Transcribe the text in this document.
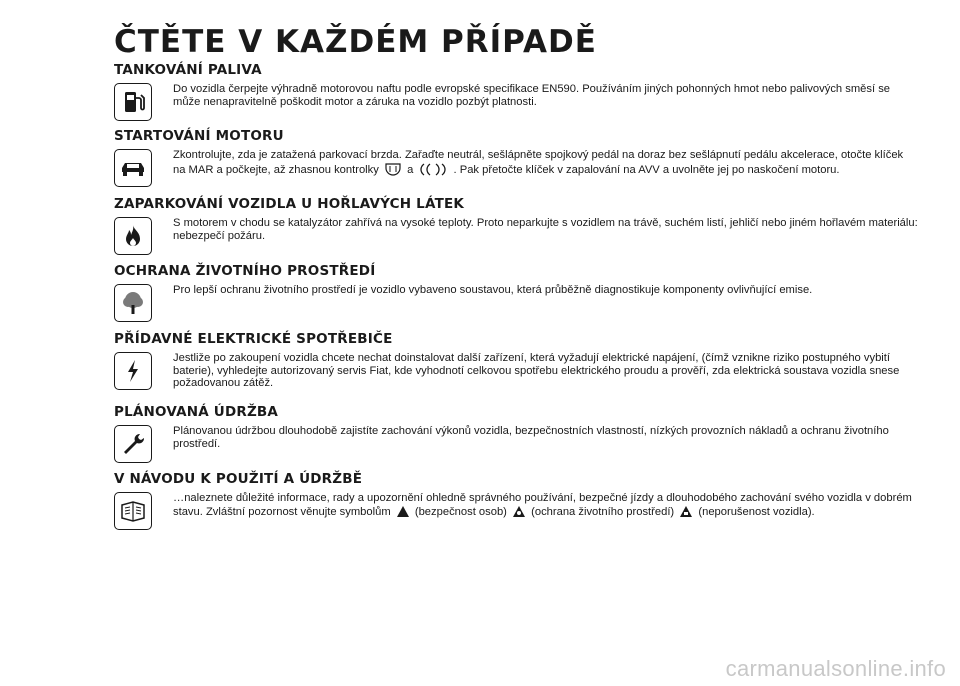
ČTĚTE V KAŽDÉM PŘÍPADĚ
TANKOVÁNÍ PALIVA

Do vozidla čerpejte výhradně motorovou naftu podle evropské specifikace EN590. Používáním jiných pohonných hmot nebo palivových směsí se může nenapravitelně poškodit motor a záruka na vozidlo pozbýt platnosti.

STARTOVÁNÍ MOTORU

Zkontrolujte, zda je zatažená parkovací brzda. Zařaďte neutrál, sešlápněte spojkový pedál na doraz bez sešlápnutí pedálu akcelerace, otočte klíček na MAR a počkejte, až zhasnou kontrolky	a	. Pak přetočte klíček v zapalování na AVV a uvolněte jej po naskočení motoru.

ZAPARKOVÁNÍ VOZIDLA U HOŘLAVÝCH LÁTEK

S motorem v chodu se katalyzátor zahřívá na vysoké teploty. Proto neparkujte s vozidlem na trávě, suchém listí, jehličí nebo jiném hořlavém materiálu: nebezpečí požáru.

OCHRANA ŽIVOTNÍHO PROSTŘEDÍ

Pro lepší ochranu životního prostředí je vozidlo vybaveno soustavou, která průběžně diagnostikuje komponenty ovlivňující emise.

PŘÍDAVNÉ ELEKTRICKÉ SPOTŘEBIČE

Jestliže po zakoupení vozidla chcete nechat doinstalovat další zařízení, která vyžadují elektrické napájení, (čímž vznikne riziko postupného vybití baterie), vyhledejte autorizovaný servis Fiat, kde vyhodnotí celkovou spotřebu elektrického proudu a prověří, zda elektrická soustava vozidla snese požadovanou zátěž.

PLÁNOVANÁ ÚDRŽBA

Plánovanou údržbou dlouhodobě zajistíte zachování výkonů vozidla, bezpečnostních vlastností, nízkých provozních nákladů a ochranu životního prostředí.

V NÁVODU K POUŽITÍ A ÚDRŽBĚ

…naleznete důležité informace, rady a upozornění ohledně správného používání, bezpečné jízdy a dlouhodobého zachování svého vozidla v dobrém stavu. Zvláštní pozornost věnujte symbolům (bezpečnost osob) (ochrana životního prostředí) (neporušenost vozidla).

carmanualsonline.info
